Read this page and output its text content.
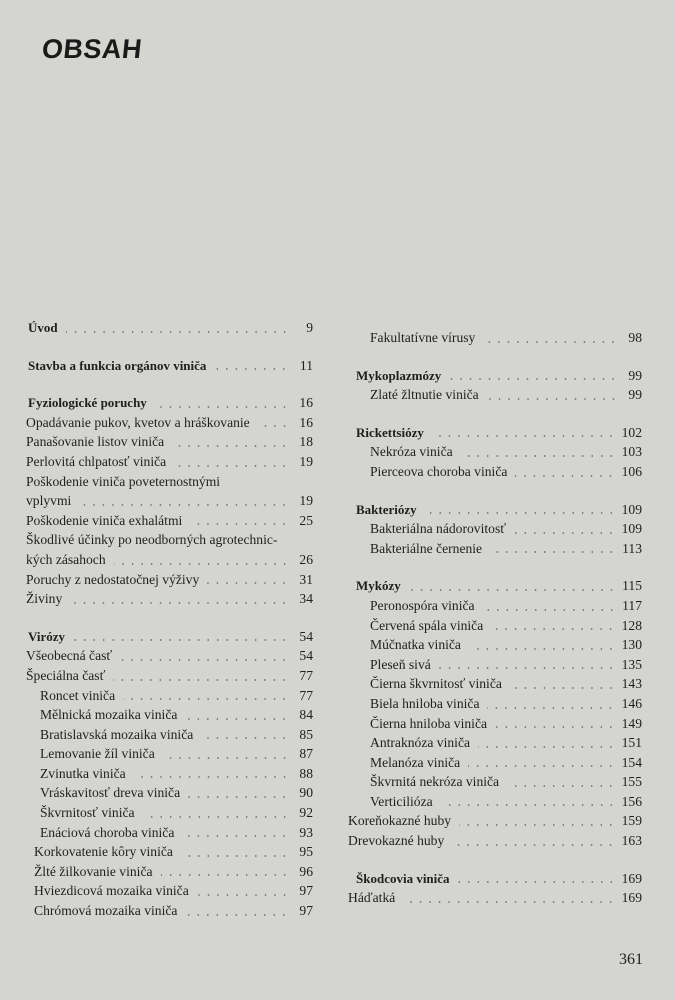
OBSAH
Úvod	9
Stavba a funkcia orgánov viniča	11
Fyziologické poruchy	16
Opadávanie pukov, kvetov a hráškovanie	16
Panašovanie listov viniča	18
Perlovitá chlpatosť viniča	19
Poškodenie viniča poveternostnými
vplyvmi	19
Poškodenie viniča exhalátmi	25
Škodlivé účinky po neodborných agrotechnic-
kých zásahoch	26
Poruchy z nedostatočnej výživy	31
Živiny	34
Virózy	54
Všeobecná časť	54
Špeciálna časť	77
Roncet viniča	77
Mělnická mozaika viniča	84
Bratislavská mozaika viniča	85
Lemovanie žíl viniča	87
Zvinutka viniča	88
Vráskavitosť dreva viniča	90
Škvrnitosť viniča	92
Enáciová choroba viniča	93
Korkovatenie kôry viniča	95
Žlté žilkovanie viniča	96
Hviezdicová mozaika viniča	97
Chrómová mozaika viniča	97
Fakultatívne vírusy	98
Mykoplazmózy	99
Zlaté žltnutie viniča	99
Rickettsiózy	102
Nekróza viniča	103
Pierceova choroba viniča	106
Bakteriózy	109
Bakteriálna nádorovitosť	109
Bakteriálne černenie	113
Mykózy	115
Peronospóra viniča	117
Červená spála viniča	128
Múčnatka viniča	130
Pleseň sivá	135
Čierna škvrnitosť viniča	143
Biela hniloba viniča	146
Čierna hniloba viniča	149
Antraknóza viniča	151
Melanóza viniča	154
Škvrnitá nekróza viniča	155
Verticilióza	156
Koreňokazné huby	159
Drevokazné huby	163
Škodcovia viniča	169
Háďatká	169
361
